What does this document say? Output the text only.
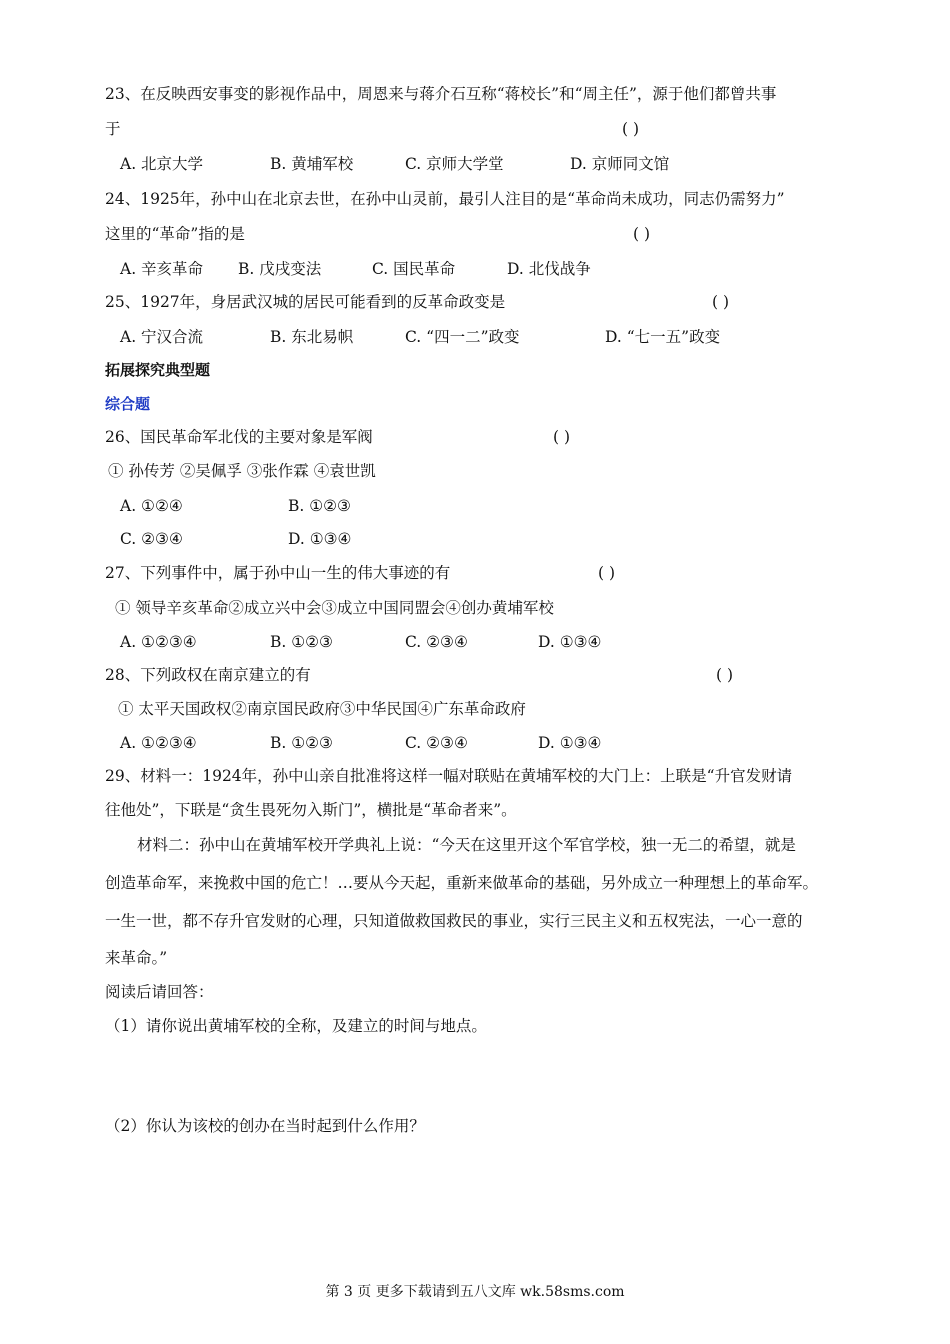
23、在反映西安事变的影视作品中，周恩来与蒋介石互称“蒋校长”和“周主任”，源于他们都曾共事
于	( )
A. 北京大学	B. 黄埔军校	C. 京师大学堂	D. 京师同文馆
24、1925年，孙中山在北京去世，在孙中山灵前，最引人注目的是“革命尚未成功，同志仍需努力”
这里的“革命”指的是	( )
A. 辛亥革命 B. 戊戌变法	C. 国民革命	D. 北伐战争
25、1927年，身居武汉城的居民可能看到的反革命政变是	( )
A. 宁汉合流	B. 东北易帜	C. “四一二”政变	D. “七一五”政变
拓展探究典型题
综合题
26、国民革命军北伐的主要对象是军阀	( )
① 孙传芳 ②吴佩孚 ③张作霖 ④袁世凯
A. ①②④	B. ①②③
C. ②③④	D. ①③④
27、下列事件中，属于孙中山一生的伟大事迹的有	( )
① 领导辛亥革命②成立兴中会③成立中国同盟会④创办黄埔军校
A. ①②③④	B. ①②③	C. ②③④	D. ①③④
28、下列政权在南京建立的有	( )
① 太平天国政权②南京国民政府③中华民国④广东革命政府
A. ①②③④	B. ①②③	C. ②③④	D. ①③④
29、材料一：1924年，孙中山亲自批准将这样一幅对联贴在黄埔军校的大门上：上联是“升官发财请
往他处”，下联是“贪生畏死勿入斯门”，横批是“革命者来”。
材料二：孙中山在黄埔军校开学典礼上说：“今天在这里开这个军官学校，独一无二的希望，就是
创造革命军，来挽救中国的危亡！…要从今天起，重新来做革命的基础，另外成立一种理想上的革命军。
一生一世，都不存升官发财的心理，只知道做救国救民的事业，实行三民主义和五权宪法，一心一意的
来革命。”
阅读后请回答：
（1）请你说出黄埔军校的全称，及建立的时间与地点。
（2）你认为该校的创办在当时起到什么作用？
第 3 页 更多下载请到五八文库 wk.58sms.com
